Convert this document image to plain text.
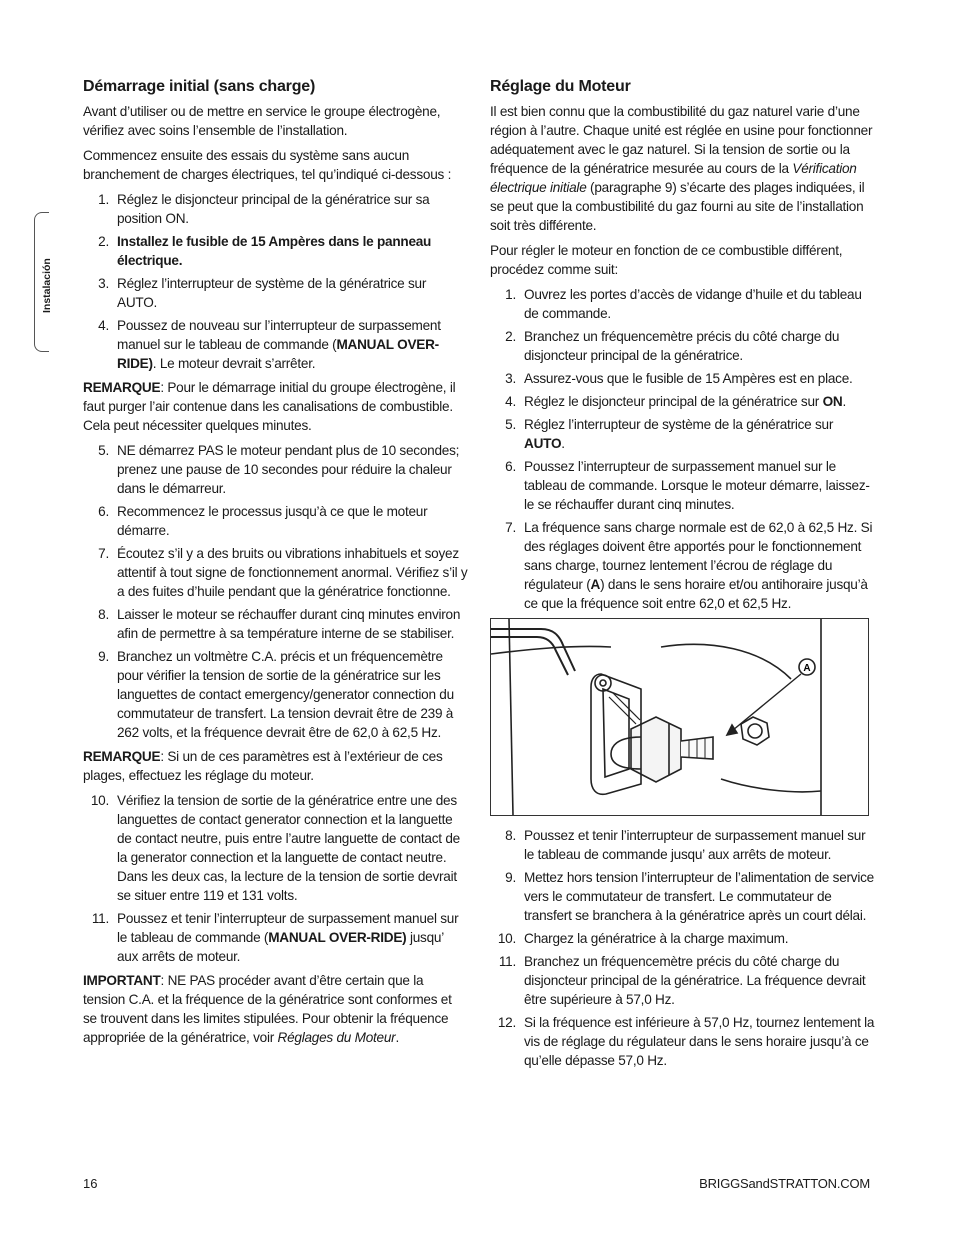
Instalación
Démarrage initial (sans charge)

Avant d’utiliser ou de mettre en service le groupe électrogène, vérifiez avec soins l’ensemble de l’installation.

Commencez ensuite des essais du système sans aucun branchement de charges électriques, tel qu’indiqué ci-dessous :

1. Réglez le disjoncteur principal de la génératrice sur sa position ON.
2. Installez le fusible de 15 Ampères dans le panneau électrique.
3. Réglez l’interrupteur de système de la génératrice sur AUTO.
4. Poussez de nouveau sur l’interrupteur de surpassement manuel sur le tableau de commande (MANUAL OVER-RIDE). Le moteur devrait s’arrêter.

REMARQUE: Pour le démarrage initial du groupe électrogène, il faut purger l’air contenue dans les canalisations de combustible. Cela peut nécessiter quelques minutes.

5. NE démarrez PAS le moteur pendant plus de 10 secondes; prenez une pause de 10 secondes pour réduire la chaleur dans le démarreur.
6. Recommencez le processus jusqu’à ce que le moteur démarre.
7. Écoutez s’il y a des bruits ou vibrations inhabituels et soyez attentif à tout signe de fonctionnement anormal. Vérifiez s’il y a des fuites d’huile pendant que la génératrice fonctionne.
8. Laisser le moteur se réchauffer durant cinq minutes environ afin de permettre à sa température interne de se stabiliser.
9. Branchez un voltmètre C.A. précis et un fréquencemètre pour vérifier la tension de sortie de la génératrice sur les languettes de contact emergency/generator connection du commutateur de transfert. La tension devrait être de 239 à 262 volts, et la fréquence devrait être de 62,0 à 62,5 Hz.

REMARQUE: Si un de ces paramètres est à l’extérieur de ces plages, effectuez les réglage du moteur.

10. Vérifiez la tension de sortie de la génératrice entre une des languettes de contact generator connection et la languette de contact neutre, puis entre l’autre languette de contact de la generator connection et la languette de contact neutre. Dans les deux cas, la lecture de la tension de sortie devrait se situer entre 119 et 131 volts.
11. Poussez et tenir l’interrupteur de surpassement manuel sur le tableau de commande (MANUAL OVER-RIDE) jusqu’ aux arrêts de moteur.

IMPORTANT: NE PAS procéder avant d’être certain que la tension C.A. et la fréquence de la génératrice sont conformes et se trouvent dans les limites stipulées. Pour obtenir la fréquence appropriée de la génératrice, voir Réglages du Moteur.

Réglage du Moteur

Il est bien connu que la combustibilité du gaz naturel varie d’une région à l’autre. Chaque unité est réglée en usine pour fonctionner adéquatement avec le gaz naturel. Si la tension de sortie ou la fréquence de la génératrice mesurée au cours de la Vérification électrique initiale (paragraphe 9) s’écarte des plages indiquées, il se peut que la combustibilité du gaz fourni au site de l’installation soit très différente.

Pour régler le moteur en fonction de ce combustible différent, procédez comme suit:

1. Ouvrez les portes d’accès de vidange d’huile et du tableau de commande.
2. Branchez un fréquencemètre précis du côté charge du disjoncteur principal de la génératrice.
3. Assurez-vous que le fusible de 15 Ampères est en place.
4. Réglez le disjoncteur principal de la génératrice sur ON.
5. Réglez l’interrupteur de système de la génératrice sur AUTO.
6. Poussez l’interrupteur de surpassement manuel sur le tableau de commande. Lorsque le moteur démarre, laissez-le se réchauffer durant cinq minutes.
7. La fréquence sans charge normale est de 62,0 à 62,5 Hz. Si des réglages doivent être apportés pour le fonctionnement sans charge, tournez lentement l’écrou de réglage du régulateur (A) dans le sens horaire et/ou antihoraire jusqu’à ce que la fréquence soit entre 62,0 et 62,5 Hz.
A
8. Poussez et tenir l’interrupteur de surpassement manuel sur le tableau de commande jusqu’ aux arrêts de moteur.
9. Mettez hors tension l’interrupteur de l’alimentation de service vers le commutateur de transfert. Le commutateur de transfert se branchera à la génératrice après un court délai.
10. Chargez la génératrice à la charge maximum.
11. Branchez un fréquencemètre précis du côté charge du disjoncteur principal de la génératrice. La fréquence devrait être supérieure à 57,0 Hz.
12. Si la fréquence est inférieure à 57,0 Hz, tournez lentement la vis de réglage du régulateur dans le sens horaire jusqu’à ce qu’elle dépasse 57,0 Hz.
16	BRIGGSandSTRATTON.COM
